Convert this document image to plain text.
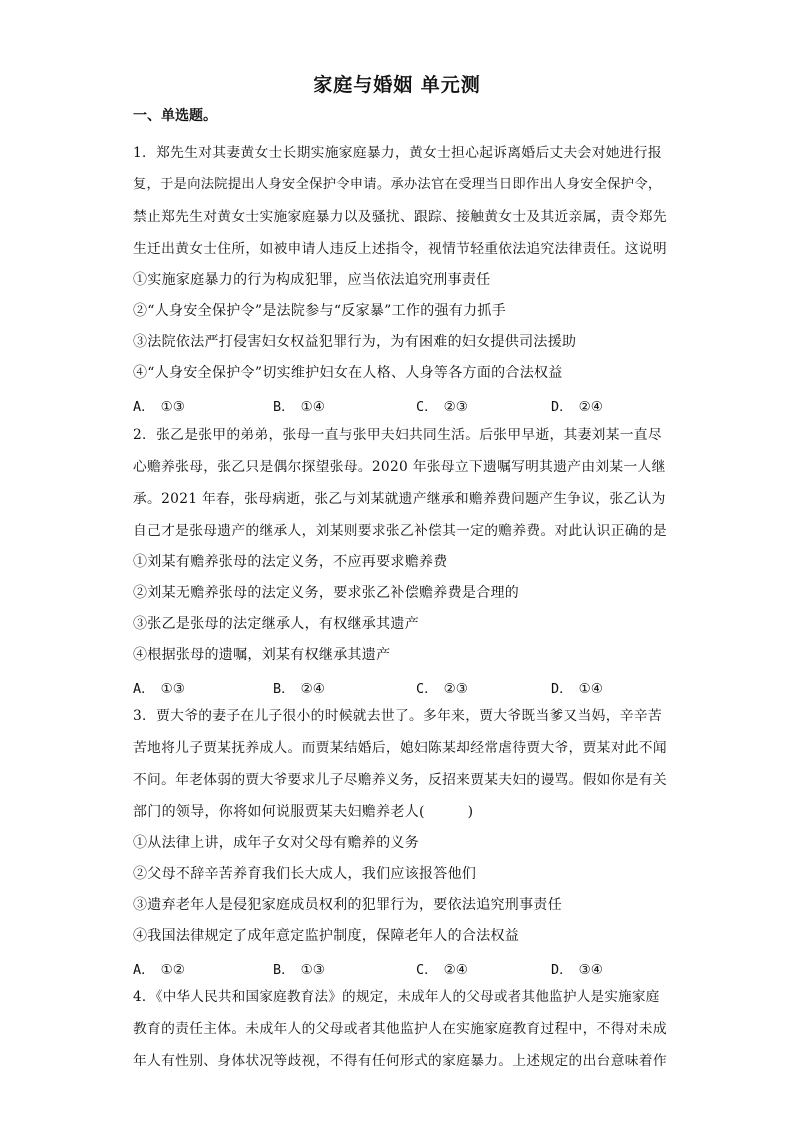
家庭与婚姻 单元测
一、单选题。
1．郑先生对其妻黄女士长期实施家庭暴力，黄女士担心起诉离婚后丈夫会对她进行报
复，于是向法院提出人身安全保护令申请。承办法官在受理当日即作出人身安全保护令，
禁止郑先生对黄女士实施家庭暴力以及骚扰、跟踪、接触黄女士及其近亲属，责令郑先
生迁出黄女士住所，如被申请人违反上述指令，视情节轻重依法追究法律责任。这说明
①实施家庭暴力的行为构成犯罪，应当依法追究刑事责任
②“人身安全保护令”是法院参与“反家暴”工作的强有力抓手
③法院依法严打侵害妇女权益犯罪行为，为有困难的妇女提供司法援助
④“人身安全保护令”切实维护妇女在人格、人身等各方面的合法权益
A． ①③	B． ①④	C． ②③	D． ②④
2．张乙是张甲的弟弟，张母一直与张甲夫妇共同生活。后张甲早逝，其妻刘某一直尽
心赡养张母，张乙只是偶尔探望张母。2020 年张母立下遗嘱写明其遗产由刘某一人继
承。2021 年春，张母病逝，张乙与刘某就遗产继承和赡养费问题产生争议，张乙认为
自己才是张母遗产的继承人，刘某则要求张乙补偿其一定的赡养费。对此认识正确的是
①刘某有赡养张母的法定义务，不应再要求赡养费
②刘某无赡养张母的法定义务，要求张乙补偿赡养费是合理的
③张乙是张母的法定继承人，有权继承其遗产
④根据张母的遗嘱，刘某有权继承其遗产
A． ①③	B． ②④	C． ②③	D． ①④
3．贾大爷的妻子在儿子很小的时候就去世了。多年来，贾大爷既当爹又当妈，辛辛苦
苦地将儿子贾某抚养成人。而贾某结婚后，媳妇陈某却经常虐待贾大爷，贾某对此不闻
不问。年老体弱的贾大爷要求儿子尽赡养义务，反招来贾某夫妇的谩骂。假如你是有关
部门的领导，你将如何说服贾某夫妇赡养老人(　　　)
①从法律上讲，成年子女对父母有赡养的义务
②父母不辞辛苦养育我们长大成人，我们应该报答他们
③遗弃老年人是侵犯家庭成员权利的犯罪行为，要依法追究刑事责任
④我国法律规定了成年意定监护制度，保障老年人的合法权益
A． ①②	B． ①③	C． ②④	D． ③④
4．《中华人民共和国家庭教育法》的规定，未成年人的父母或者其他监护人是实施家庭
教育的责任主体。未成年人的父母或者其他监护人在实施家庭教育过程中，不得对未成
年人有性别、身体状况等歧视，不得有任何形式的家庭暴力。上述规定的出台意味着作
